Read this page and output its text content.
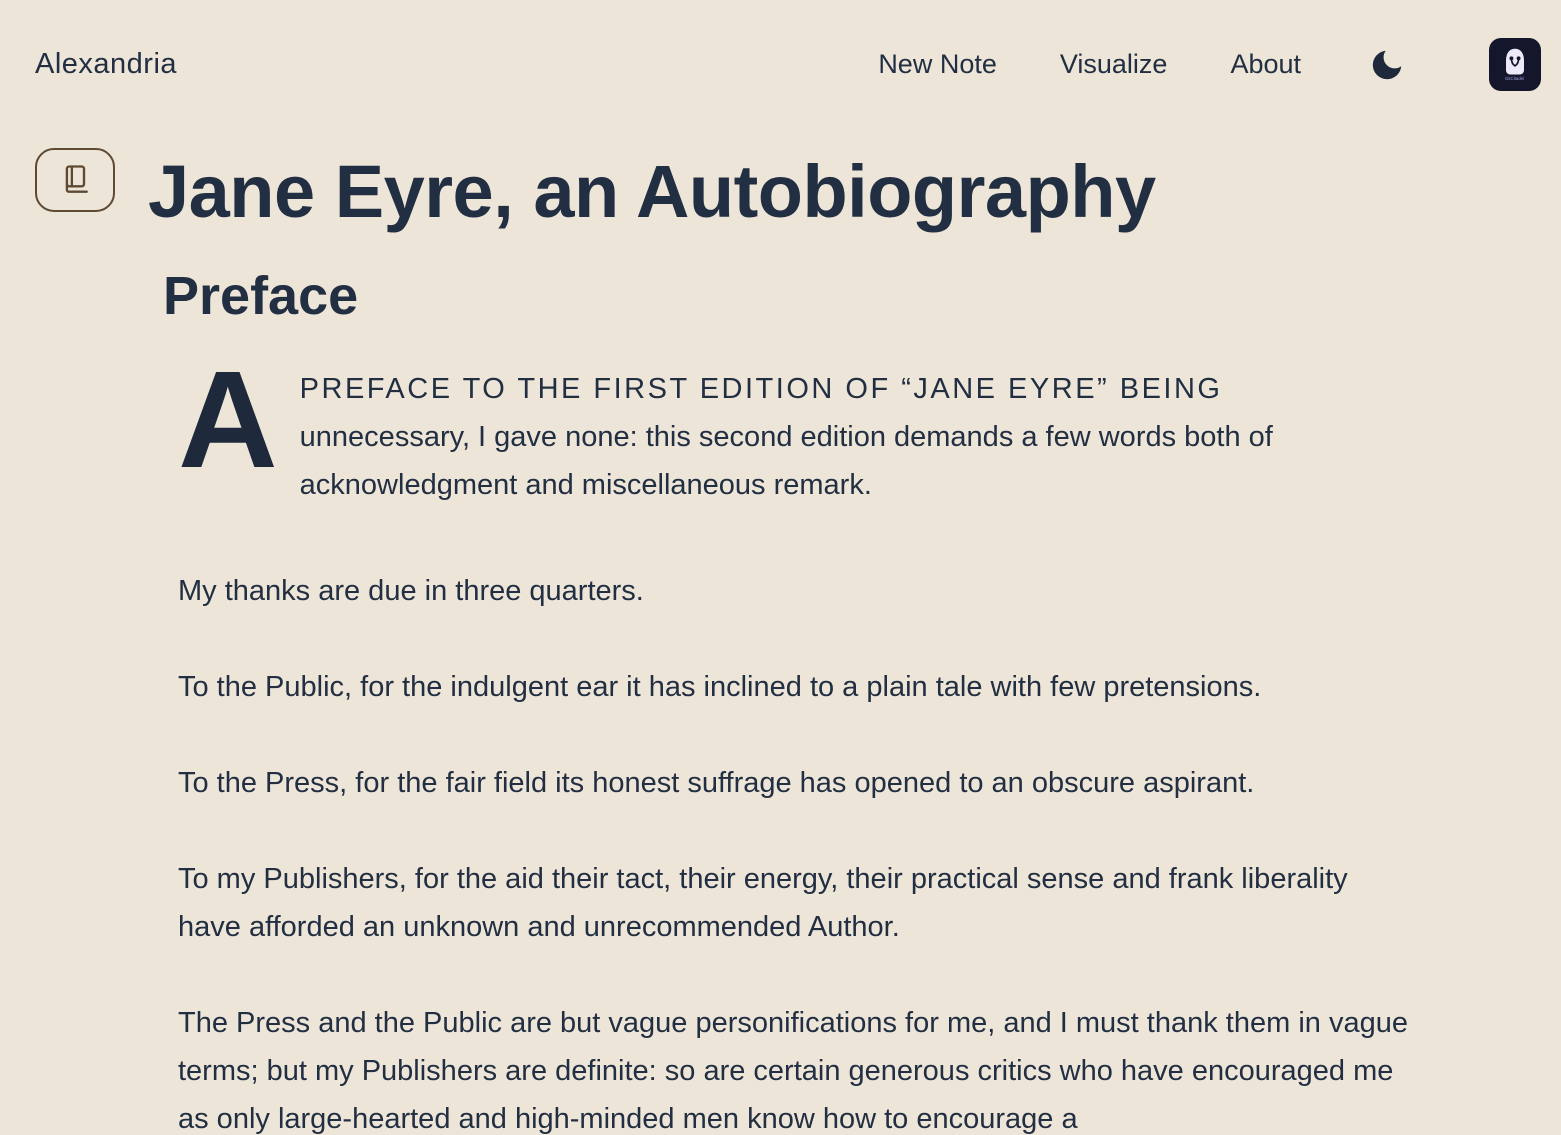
Alexandria	New Note Visualize About	GitCitadel
Jane Eyre, an Autobiography
Preface
A PREFACE TO THE FIRST EDITION OF “JANE EYRE” BEING unnecessary, I gave none: this second edition demands a few words both of acknowledgment and miscellaneous remark.

My thanks are due in three quarters.

To the Public, for the indulgent ear it has inclined to a plain tale with few pretensions.

To the Press, for the fair field its honest suffrage has opened to an obscure aspirant.

To my Publishers, for the aid their tact, their energy, their practical sense and frank liberality have afforded an unknown and unrecommended Author.

The Press and the Public are but vague personifications for me, and I must thank them in vague terms; but my Publishers are definite: so are certain generous critics who have encouraged me as only large-hearted and high-minded men know how to encourage a
